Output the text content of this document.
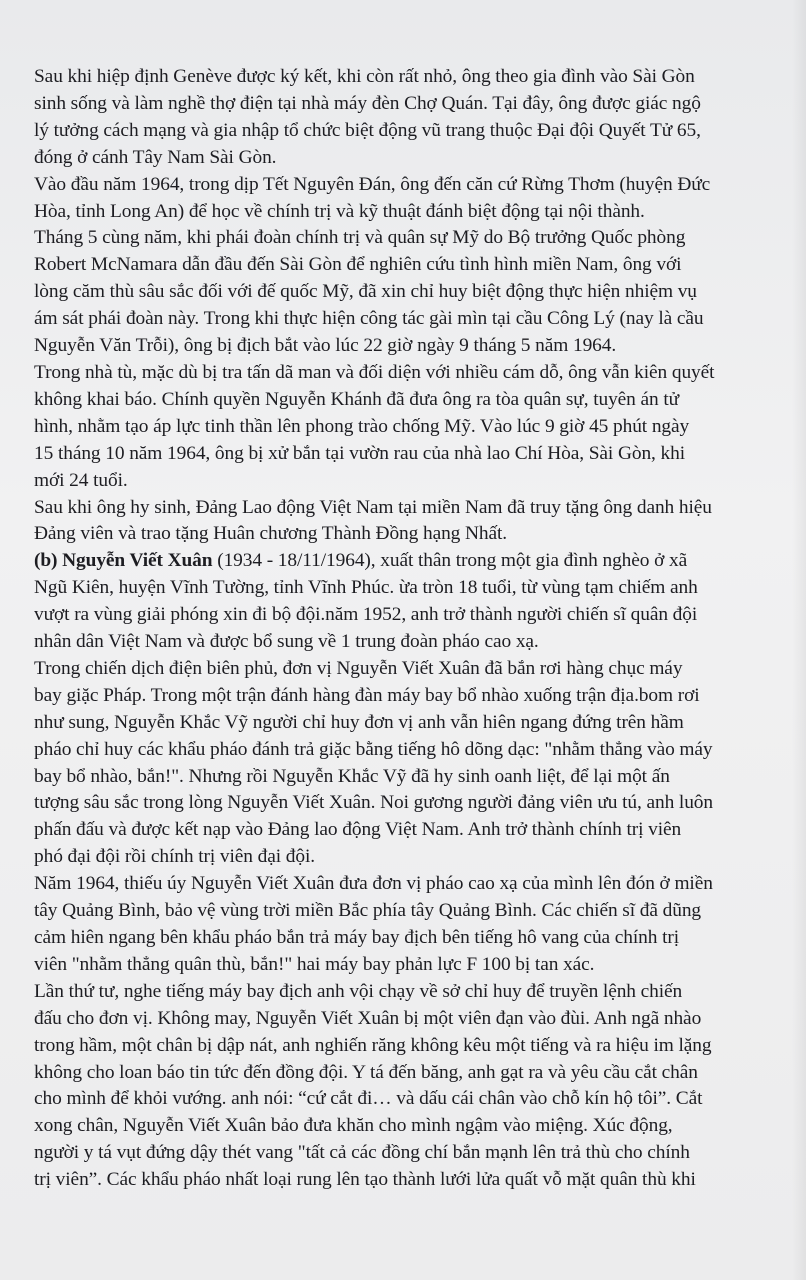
Sau khi hiệp định Genève được ký kết, khi còn rất nhỏ, ông theo gia đình vào Sài Gòn
sinh sống và làm nghề thợ điện tại nhà máy đèn Chợ Quán. Tại đây, ông được giác ngộ
lý tưởng cách mạng và gia nhập tổ chức biệt động vũ trang thuộc Đại đội Quyết Tử 65,
đóng ở cánh Tây Nam Sài Gòn.
Vào đầu năm 1964, trong dịp Tết Nguyên Đán, ông đến căn cứ Rừng Thơm (huyện Đức
Hòa, tỉnh Long An) để học về chính trị và kỹ thuật đánh biệt động tại nội thành.
Tháng 5 cùng năm, khi phái đoàn chính trị và quân sự Mỹ do Bộ trưởng Quốc phòng
Robert McNamara dẫn đầu đến Sài Gòn để nghiên cứu tình hình miền Nam, ông với
lòng căm thù sâu sắc đối với đế quốc Mỹ, đã xin chỉ huy biệt động thực hiện nhiệm vụ
ám sát phái đoàn này. Trong khi thực hiện công tác gài mìn tại cầu Công Lý (nay là cầu
Nguyễn Văn Trỗi), ông bị địch bắt vào lúc 22 giờ ngày 9 tháng 5 năm 1964.
Trong nhà tù, mặc dù bị tra tấn dã man và đối diện với nhiều cám dỗ, ông vẫn kiên quyết
không khai báo. Chính quyền Nguyễn Khánh đã đưa ông ra tòa quân sự, tuyên án tử
hình, nhằm tạo áp lực tinh thần lên phong trào chống Mỹ. Vào lúc 9 giờ 45 phút ngày
15 tháng 10 năm 1964, ông bị xử bắn tại vườn rau của nhà lao Chí Hòa, Sài Gòn, khi
mới 24 tuổi.
Sau khi ông hy sinh, Đảng Lao động Việt Nam tại miền Nam đã truy tặng ông danh hiệu
Đảng viên và trao tặng Huân chương Thành Đồng hạng Nhất.
(b) Nguyễn Viết Xuân (1934 - 18/11/1964), xuất thân trong một gia đình nghèo ở xã
Ngũ Kiên, huyện Vĩnh Tường, tỉnh Vĩnh Phúc. ừa tròn 18 tuổi, từ vùng tạm chiếm anh
vượt ra vùng giải phóng xin đi bộ đội.năm 1952, anh trở thành người chiến sĩ quân đội
nhân dân Việt Nam và được bổ sung về 1 trung đoàn pháo cao xạ.
Trong chiến dịch điện biên phủ, đơn vị Nguyễn Viết Xuân đã bắn rơi hàng chục máy
bay giặc Pháp. Trong một trận đánh hàng đàn máy bay bổ nhào xuống trận địa.bom rơi
như sung, Nguyễn Khắc Vỹ người chỉ huy đơn vị anh vẫn hiên ngang đứng trên hầm
pháo chỉ huy các khẩu pháo đánh trả giặc bằng tiếng hô dõng dạc: "nhằm thẳng vào máy
bay bổ nhào, bắn!". Nhưng rồi Nguyễn Khắc Vỹ đã hy sinh oanh liệt, để lại một ấn
tượng sâu sắc trong lòng Nguyễn Viết Xuân. Noi gương người đảng viên ưu tú, anh luôn
phấn đấu và được kết nạp vào Đảng lao động Việt Nam. Anh trở thành chính trị viên
phó đại đội rồi chính trị viên đại đội.
Năm 1964, thiếu úy Nguyễn Viết Xuân đưa đơn vị pháo cao xạ của mình lên đón ở miền
tây Quảng Bình, bảo vệ vùng trời miền Bắc phía tây Quảng Bình. Các chiến sĩ đã dũng
cảm hiên ngang bên khẩu pháo bắn trả máy bay địch bên tiếng hô vang của chính trị
viên "nhằm thẳng quân thù, bắn!" hai máy bay phản lực F 100 bị tan xác.
Lần thứ tư, nghe tiếng máy bay địch anh vội chạy về sở chỉ huy để truyền lệnh chiến
đấu cho đơn vị. Không may, Nguyễn Viết Xuân bị một viên đạn vào đùi. Anh ngã nhào
trong hầm, một chân bị dập nát, anh nghiến răng không kêu một tiếng và ra hiệu im lặng
không cho loan báo tin tức đến đồng đội. Y tá đến băng, anh gạt ra và yêu cầu cắt chân
cho mình để khỏi vướng. anh nói: “cứ cắt đi… và dấu cái chân vào chỗ kín hộ tôi”. Cắt
xong chân, Nguyễn Viết Xuân bảo đưa khăn cho mình ngậm vào miệng. Xúc động,
người y tá vụt đứng dậy thét vang "tất cả các đồng chí bắn mạnh lên trả thù cho chính
trị viên”. Các khẩu pháo nhất loại rung lên tạo thành lưới lửa quất vỗ mặt quân thù khi
